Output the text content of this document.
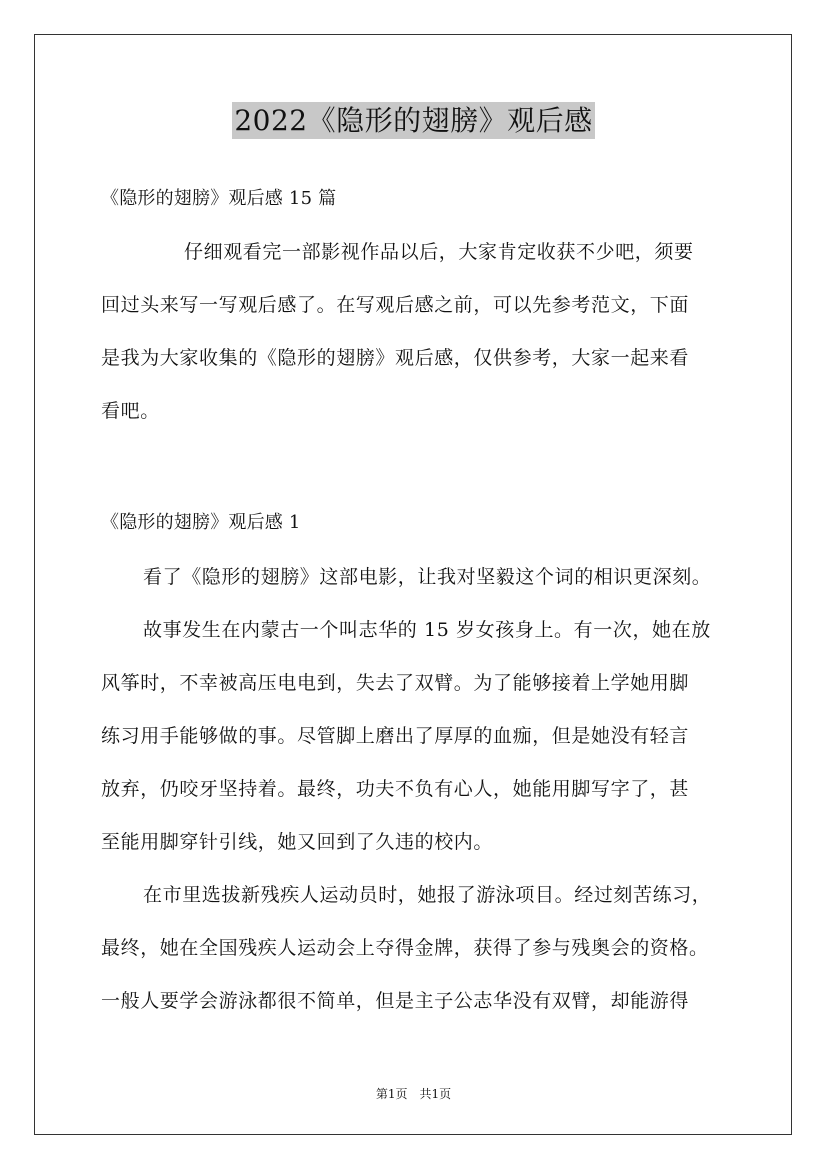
2022《隐形的翅膀》观后感
《隐形的翅膀》观后感 15 篇
仔细观看完一部影视作品以后，大家肯定收获不少吧，须要
回过头来写一写观后感了。在写观后感之前，可以先参考范文，下面
是我为大家收集的《隐形的翅膀》观后感，仅供参考，大家一起来看
看吧。
《隐形的翅膀》观后感 1
看了《隐形的翅膀》这部电影，让我对坚毅这个词的相识更深刻。
故事发生在内蒙古一个叫志华的 15 岁女孩身上。有一次，她在放
风筝时，不幸被高压电电到，失去了双臂。为了能够接着上学她用脚
练习用手能够做的事。尽管脚上磨出了厚厚的血痂，但是她没有轻言
放弃，仍咬牙坚持着。最终，功夫不负有心人，她能用脚写字了，甚
至能用脚穿针引线，她又回到了久违的校内。
在市里选拔新残疾人运动员时，她报了游泳项目。经过刻苦练习，
最终，她在全国残疾人运动会上夺得金牌，获得了参与残奥会的资格。
一般人要学会游泳都很不简单，但是主子公志华没有双臂，却能游得
第1页　共1页
